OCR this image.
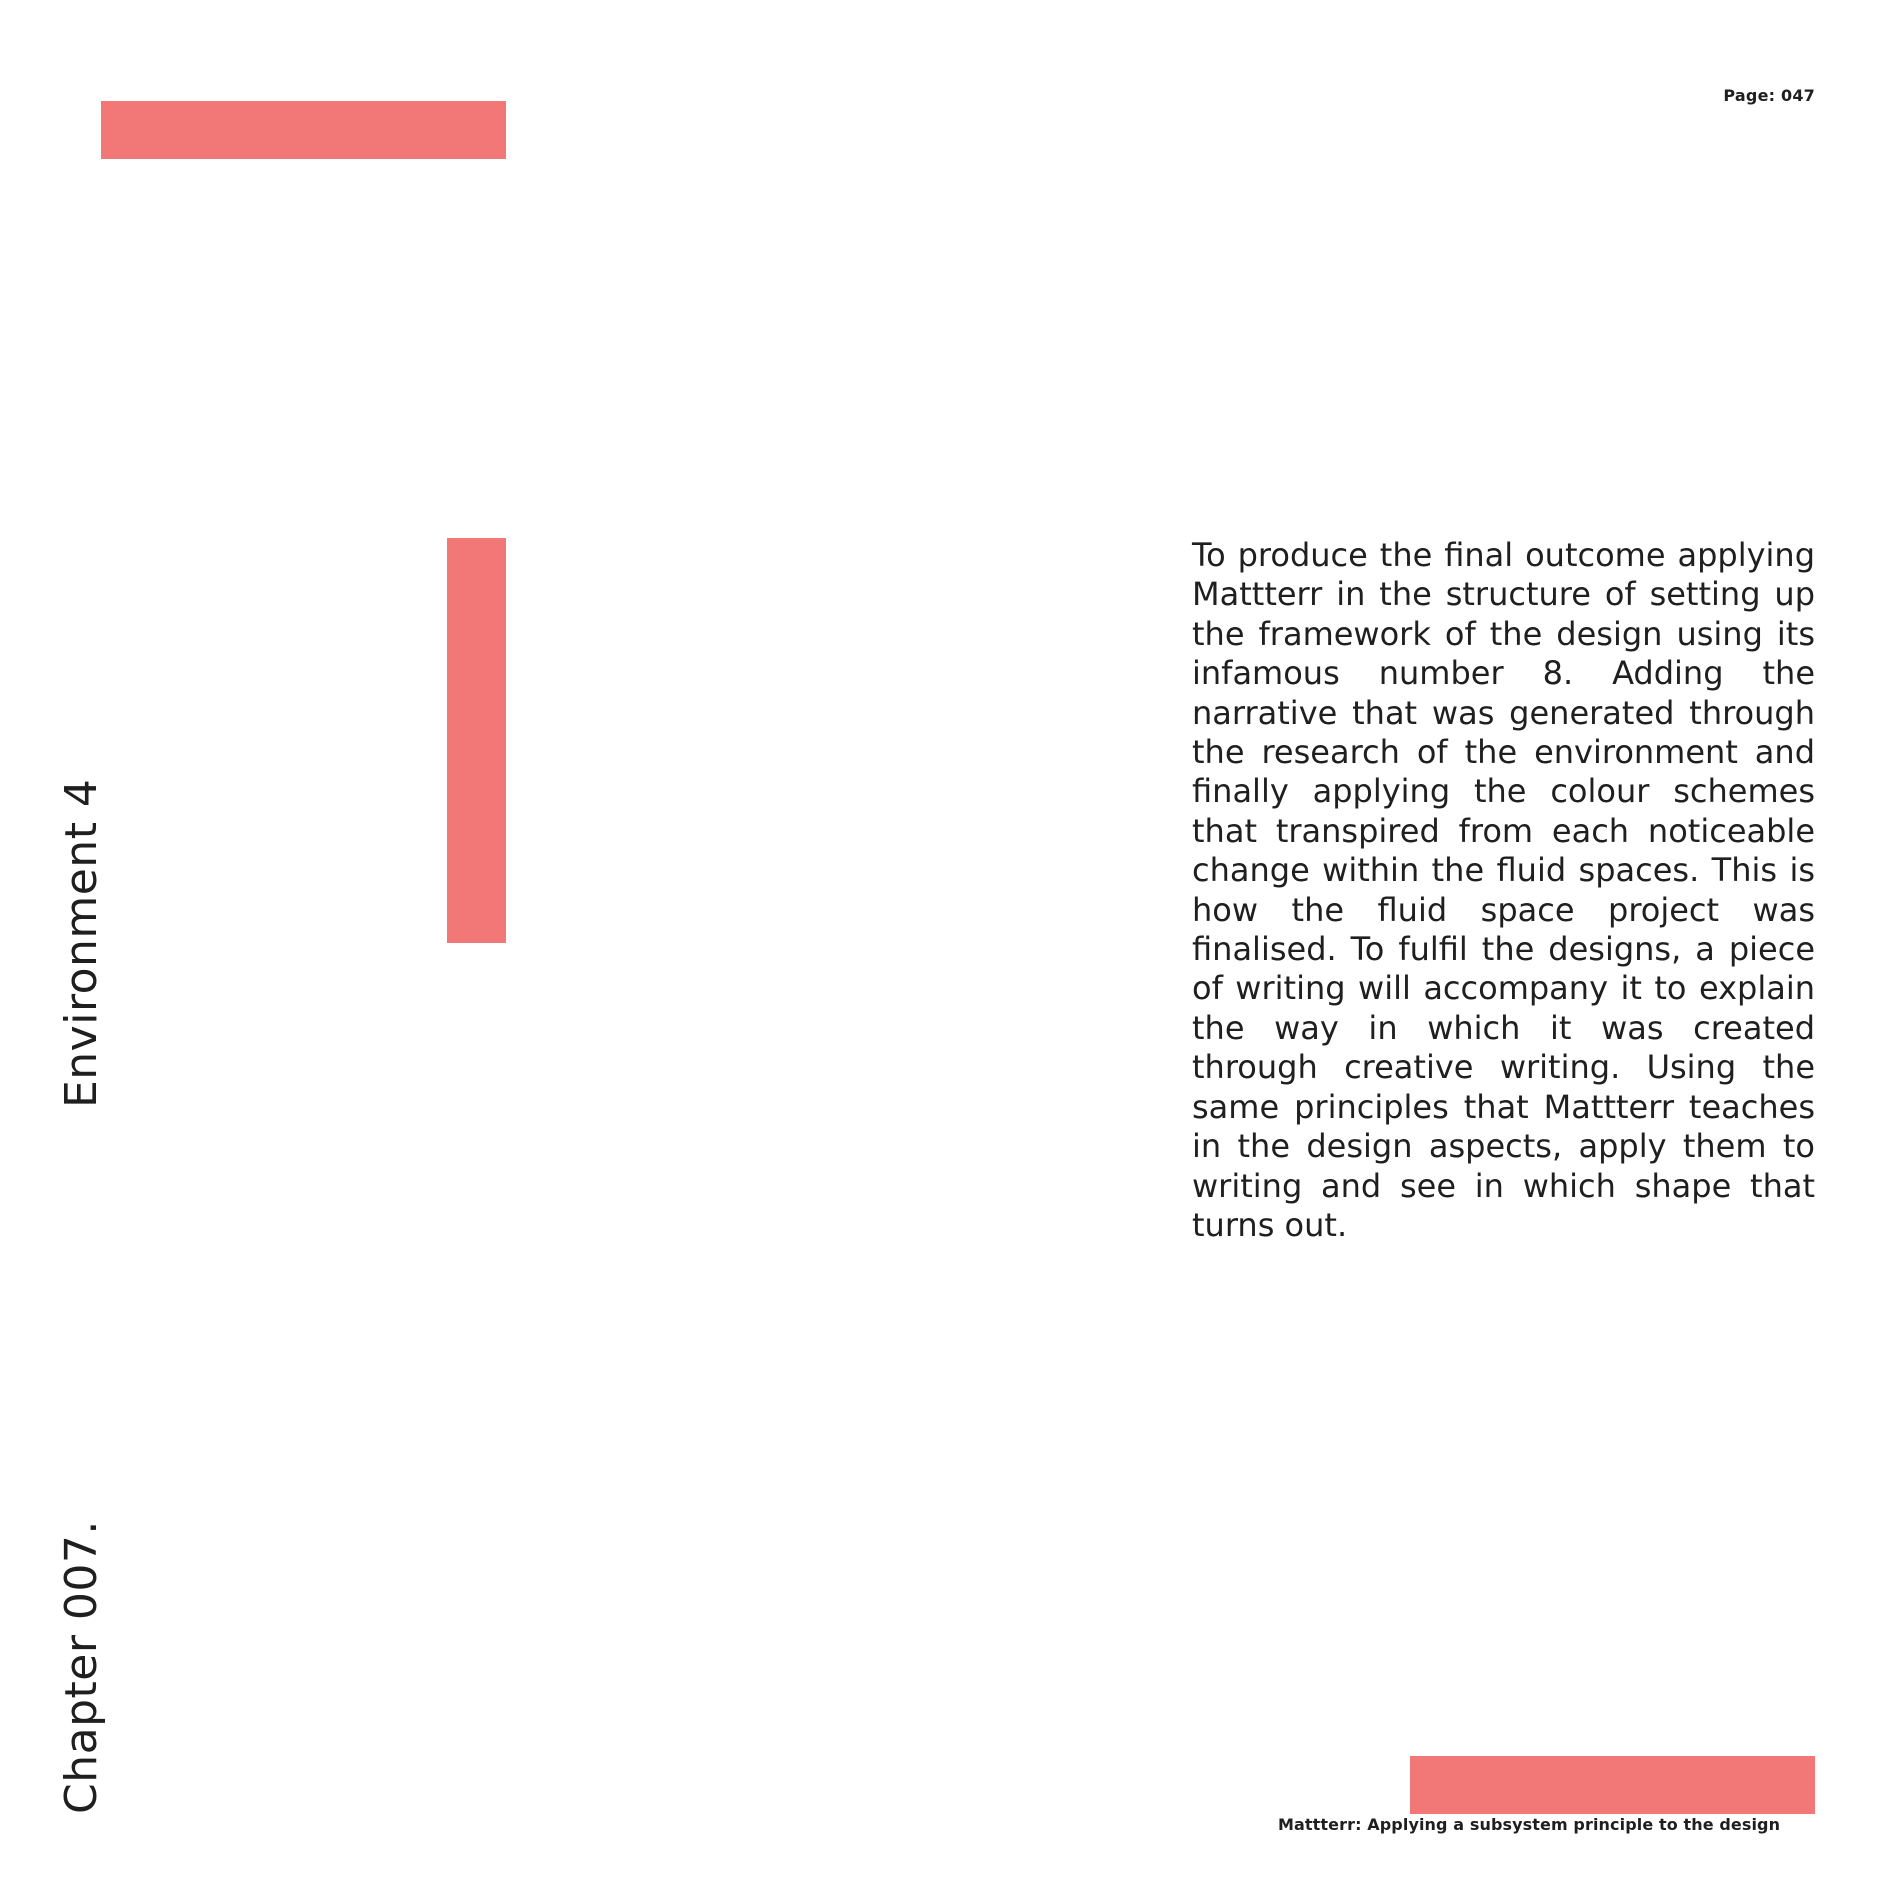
Page: 047
Chapter 007.
Environment 4

To produce the final outcome applying Mattterr in the structure of setting up the framework of the design using its infamous number 8. Adding the narrative that was generated through the research of the environment and finally applying the colour schemes that transpired from each noticeable change within the fluid spaces. This is how the fluid space project was finalised. To fulfil the designs, a piece of writing will accompany it to explain the way in which it was created through creative writing. Using the same principles that Mattterr teaches in the design aspects, apply them to writing and see in which shape that turns out.

Mattterr: Applying a subsystem principle to the design
